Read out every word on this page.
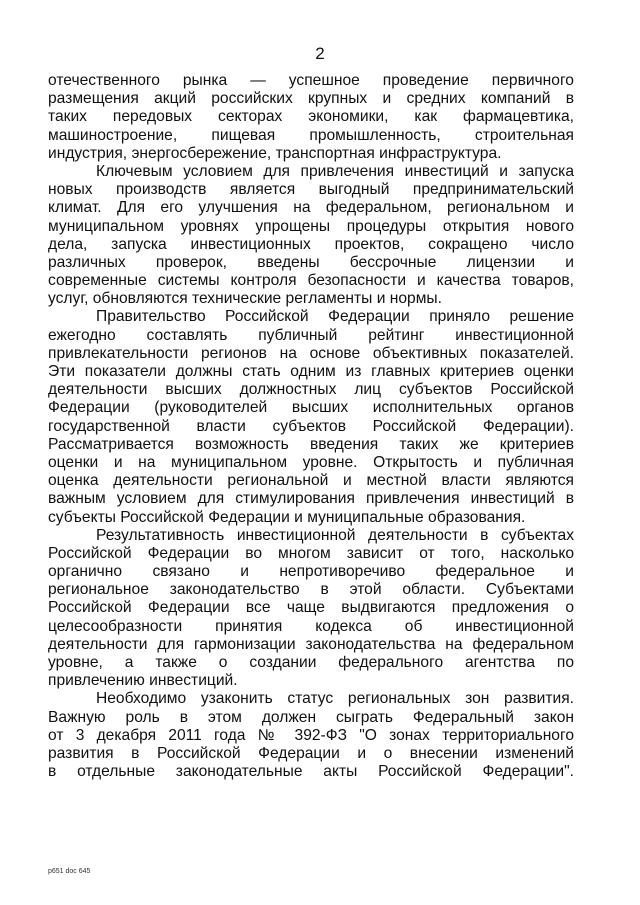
2
отечественного рынка — успешное проведение первичного
размещения акций российских крупных и средних компаний в
таких передовых секторах экономики, как фармацевтика,
машиностроение, пищевая промышленность, строительная
индустрия, энергосбережение, транспортная инфраструктура.
Ключевым условием для привлечения инвестиций и запуска
новых производств является выгодный предпринимательский
климат. Для его улучшения на федеральном, региональном и
муниципальном уровнях упрощены процедуры открытия нового
дела, запуска инвестиционных проектов, сокращено число
различных проверок, введены бессрочные лицензии и
современные системы контроля безопасности и качества товаров,
услуг, обновляются технические регламенты и нормы.
Правительство Российской Федерации приняло решение
ежегодно составлять публичный рейтинг инвестиционной
привлекательности регионов на основе объективных показателей.
Эти показатели должны стать одним из главных критериев оценки
деятельности высших должностных лиц субъектов Российской
Федерации (руководителей высших исполнительных органов
государственной власти субъектов Российской Федерации).
Рассматривается возможность введения таких же критериев
оценки и на муниципальном уровне. Открытость и публичная
оценка деятельности региональной и местной власти являются
важным условием для стимулирования привлечения инвестиций в
субъекты Российской Федерации и муниципальные образования.
Результативность инвестиционной деятельности в субъектах
Российской Федерации во многом зависит от того, насколько
органично связано и непротиворечиво федеральное и
региональное законодательство в этой области. Субъектами
Российской Федерации все чаще выдвигаются предложения о
целесообразности принятия кодекса об инвестиционной
деятельности для гармонизации законодательства на федеральном
уровне, а также о создании федерального агентства по
привлечению инвестиций.
Необходимо узаконить статус региональных зон развития.
Важную роль в этом должен сыграть Федеральный закон
от 3 декабря 2011 года № 392-ФЗ "О зонах территориального
развития в Российской Федерации и о внесении изменений
в отдельные законодательные акты Российской Федерации".
p651 doc 645
